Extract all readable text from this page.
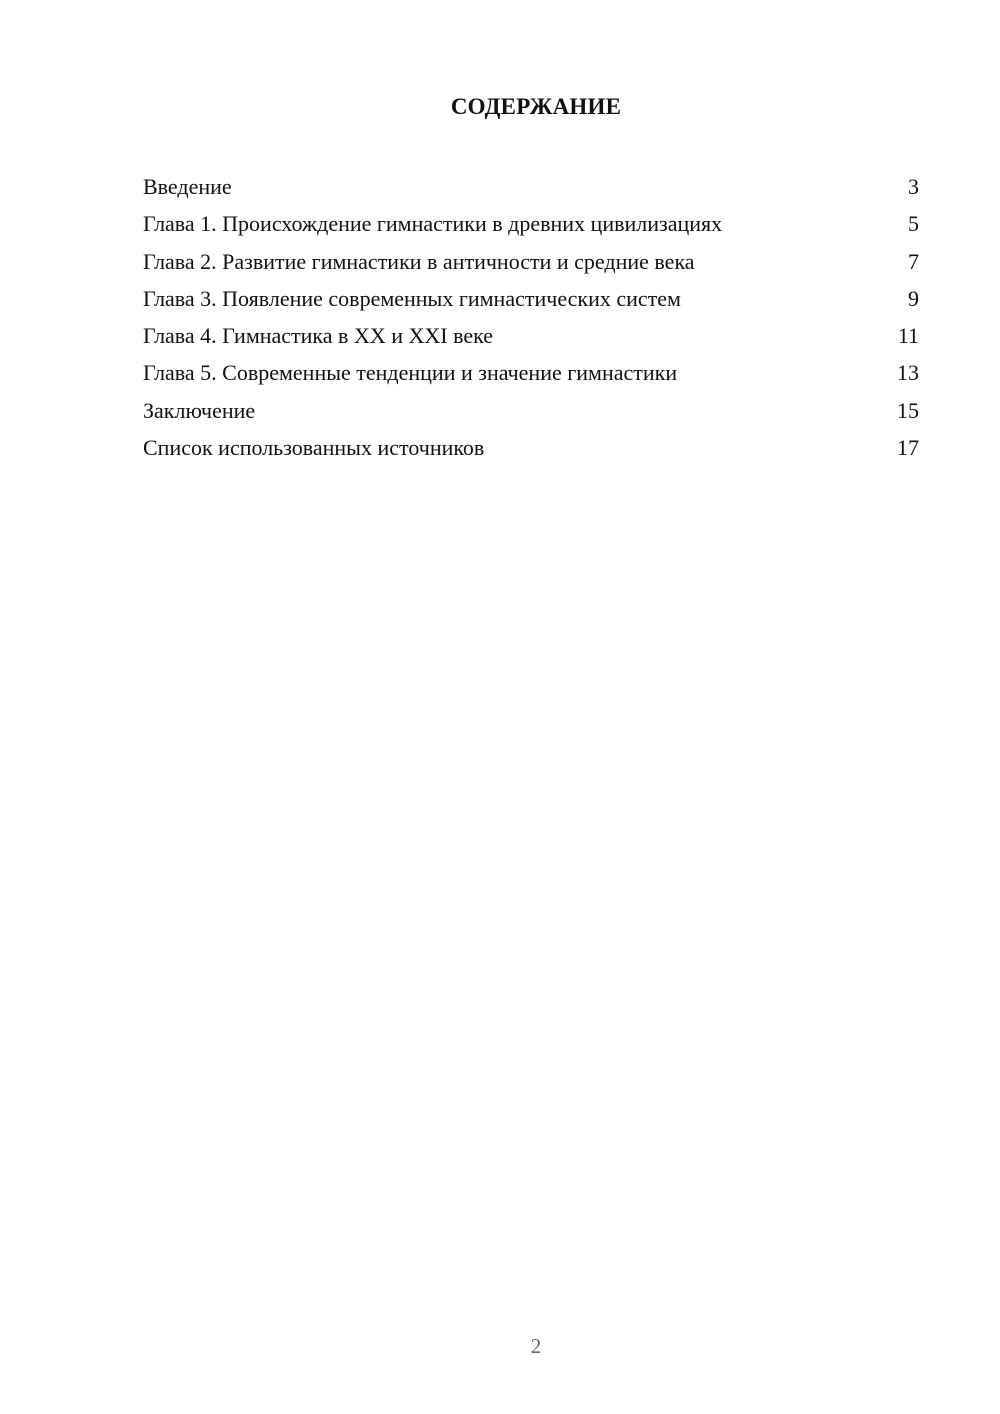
СОДЕРЖАНИЕ
Введение	3
Глава 1. Происхождение гимнастики в древних цивилизациях	5
Глава 2. Развитие гимнастики в античности и средние века	7
Глава 3. Появление современных гимнастических систем	9
Глава 4. Гимнастика в XX и XXI веке	11
Глава 5. Современные тенденции и значение гимнастики	13
Заключение	15
Список использованных источников	17
2
